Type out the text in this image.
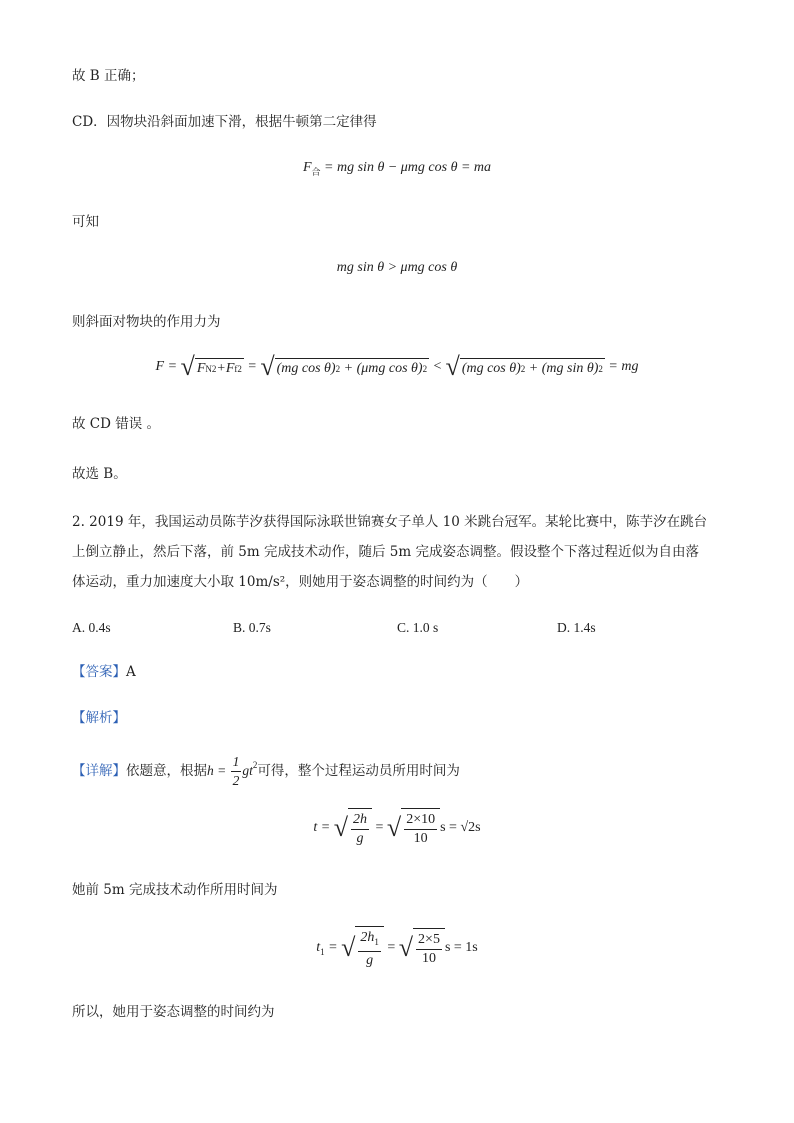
故 B 正确；
CD．因物块沿斜面加速下滑，根据牛顿第二定律得
$F_合$ = mg sin θ − μmg cos θ = ma
可知
mg sin θ > μmg cos θ
则斜面对物块的作用力为
F = √ F N 2 + F f 2 = √ (mg cos θ) 2 + (μmg cos θ) 2 < √ (mg cos θ) 2 + (mg sin θ) 2 = mg
故 CD 错误 。
故选 B。
2. 2019 年，我国运动员陈芋汐获得国际泳联世锦赛女子单人 10 米跳台冠军。某轮比赛中，陈芋汐在跳台
上倒立静止，然后下落，前 5m 完成技术动作，随后 5m 完成姿态调整。假设整个下落过程近似为自由落
体运动，重力加速度大小取 10m/s²，则她用于姿态调整的时间约为（　　）
A. 0.4s	B. 0.7s	C. 1.0 s	D. 1.4s
【答案】A
【解析】
【详解】依题意，根据$h = \frac{1}{2} gt^2$可得，整个过程运动员所用时间为
t = √ $\frac{2h}{g}$ = √ $\frac{2\times 10}{10}$ s = √2s
她前 5m 完成技术动作所用时间为
$t_1$ = √ $\frac{2h_1}{g}$ = √ $\frac{2\times 5}{10}$ s = 1s
所以，她用于姿态调整的时间约为
